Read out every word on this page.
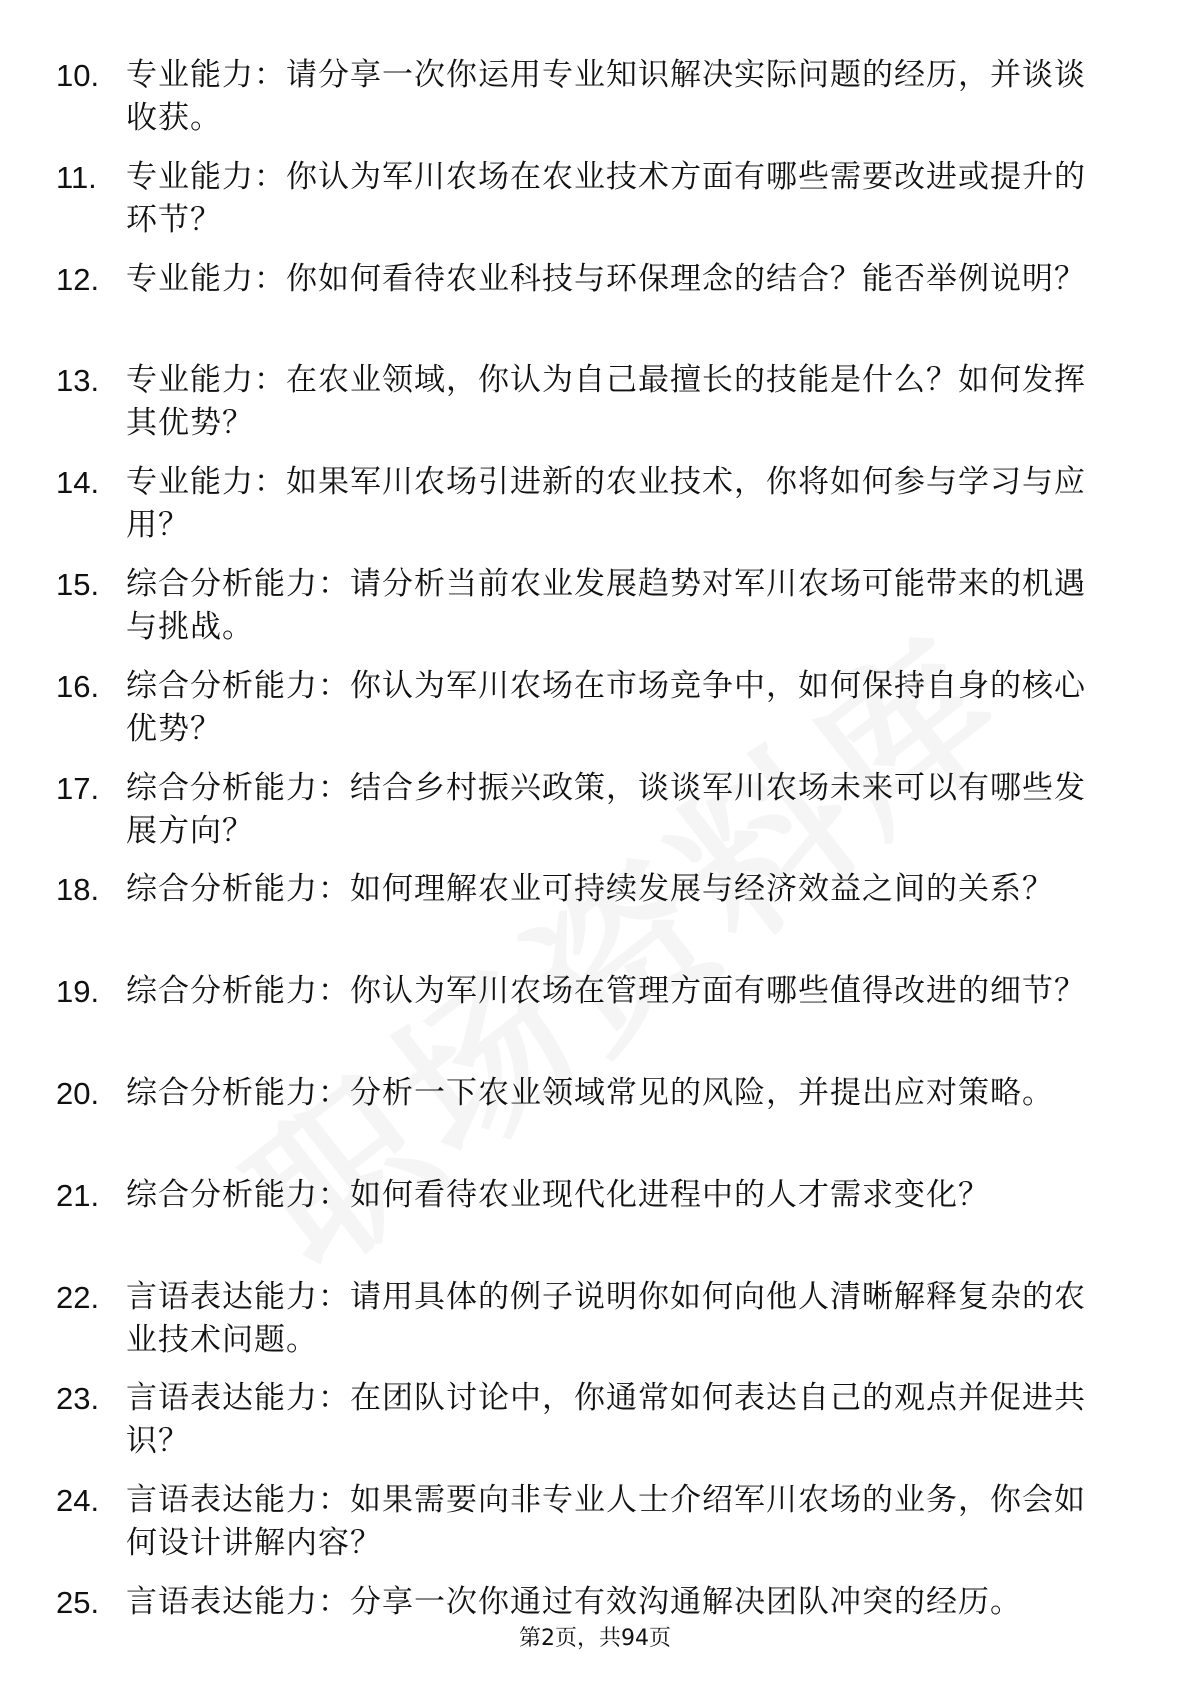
10. 专业能力：请分享一次你运用专业知识解决实际问题的经历，并谈谈收获。
11. 专业能力：你认为军川农场在农业技术方面有哪些需要改进或提升的环节？
12. 专业能力：你如何看待农业科技与环保理念的结合？能否举例说明？
13. 专业能力：在农业领域，你认为自己最擅长的技能是什么？如何发挥其优势？
14. 专业能力：如果军川农场引进新的农业技术，你将如何参与学习与应用？
15. 综合分析能力：请分析当前农业发展趋势对军川农场可能带来的机遇与挑战。
16. 综合分析能力：你认为军川农场在市场竞争中，如何保持自身的核心优势？
17. 综合分析能力：结合乡村振兴政策，谈谈军川农场未来可以有哪些发展方向？
18. 综合分析能力：如何理解农业可持续发展与经济效益之间的关系？
19. 综合分析能力：你认为军川农场在管理方面有哪些值得改进的细节？
20. 综合分析能力：分析一下农业领域常见的风险，并提出应对策略。
21. 综合分析能力：如何看待农业现代化进程中的人才需求变化？
22. 言语表达能力：请用具体的例子说明你如何向他人清晰解释复杂的农业技术问题。
23. 言语表达能力：在团队讨论中，你通常如何表达自己的观点并促进共识？
24. 言语表达能力：如果需要向非专业人士介绍军川农场的业务，你会如何设计讲解内容？
25. 言语表达能力：分享一次你通过有效沟通解决团队冲突的经历。
第2页，共94页
